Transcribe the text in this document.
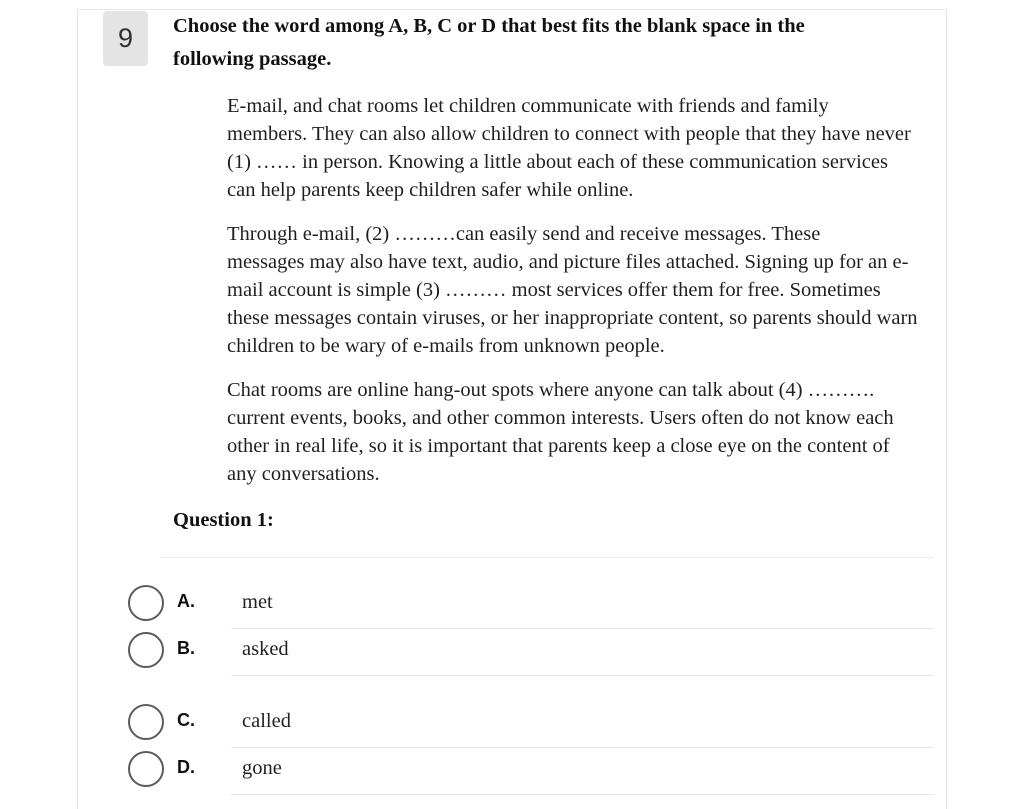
9	Choose the word among A, B, C or D that best fits the blank space in the following passage.

E-mail, and chat rooms let children communicate with friends and family
members. They can also allow children to connect with people that they have never
(1) …… in person. Knowing a little about each of these communication services
can help parents keep children safer while online.

Through e-mail, (2) ………can easily send and receive messages. These
messages may also have text, audio, and picture files attached. Signing up for an e-
mail account is simple (3) ……… most services offer them for free. Sometimes
these messages contain viruses, or her inappropriate content, so parents should warn
children to be wary of e-mails from unknown people.

Chat rooms are online hang-out spots where anyone can talk about (4) ……….
current events, books, and other common interests. Users often do not know each
other in real life, so it is important that parents keep a close eye on the content of
any conversations.

Question 1:
A. met
B. asked
C. called
D. gone
